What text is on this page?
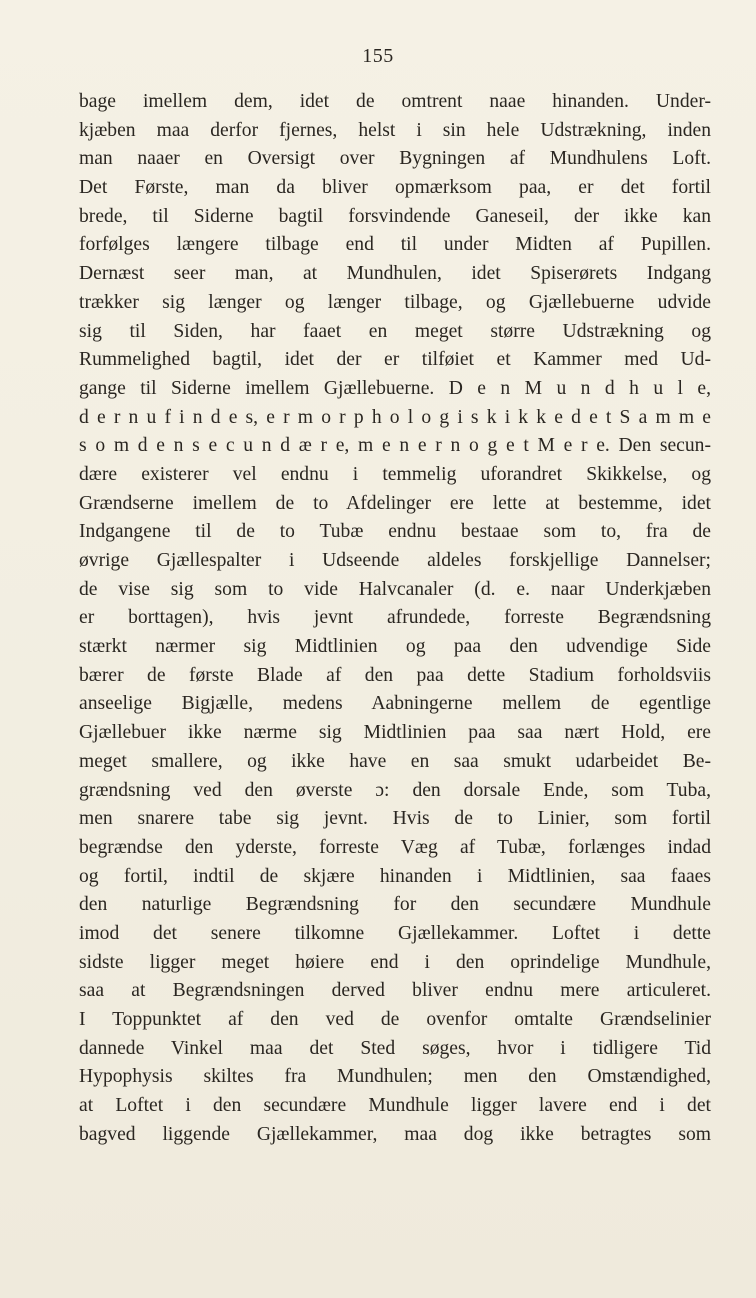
155
bage imellem dem, idet de omtrent naae hinanden. Under-
kjæben maa derfor fjernes, helst i sin hele Udstrækning, inden
man naaer en Oversigt over Bygningen af Mundhulens Loft.
Det Første, man da bliver opmærksom paa, er det fortil
brede, til Siderne bagtil forsvindende Ganeseil, der ikke kan
forfølges længere tilbage end til under Midten af Pupillen.
Dernæst seer man, at Mundhulen, idet Spiserørets Indgang
trækker sig længer og længer tilbage, og Gjællebuerne udvide
sig til Siden, har faaet en meget større Udstrækning og
Rummelighed bagtil, idet der er tilføiet et Kammer med Ud-
gange til Siderne imellem Gjællebuerne. D e n M u n d h u l e,
d e r n u f i n d e s, e r m o r p h o l o g i s k i k k e d e t S a m m e
s o m d e n s e c u n d æ r e, m e n e r n o g e t M e r e. Den secun-
dære existerer vel endnu i temmelig uforandret Skikkelse, og
Grændserne imellem de to Afdelinger ere lette at bestemme, idet
Indgangene til de to Tubæ endnu bestaae som to, fra de
øvrige Gjællespalter i Udseende aldeles forskjellige Dannelser;
de vise sig som to vide Halvcanaler (d. e. naar Underkjæben
er borttagen), hvis jevnt afrundede, forreste Begrændsning
stærkt nærmer sig Midtlinien og paa den udvendige Side
bærer de første Blade af den paa dette Stadium forholdsviis
anseelige Bigjælle, medens Aabningerne mellem de egentlige
Gjællebuer ikke nærme sig Midtlinien paa saa nært Hold, ere
meget smallere, og ikke have en saa smukt udarbeidet Be-
grændsning ved den øverste ɔ: den dorsale Ende, som Tuba,
men snarere tabe sig jevnt. Hvis de to Linier, som fortil
begrændse den yderste, forreste Væg af Tubæ, forlænges indad
og fortil, indtil de skjære hinanden i Midtlinien, saa faaes
den naturlige Begrændsning for den secundære Mundhule
imod det senere tilkomne Gjællekammer. Loftet i dette
sidste ligger meget høiere end i den oprindelige Mundhule,
saa at Begrændsningen derved bliver endnu mere articuleret.
I Toppunktet af den ved de ovenfor omtalte Grændselinier
dannede Vinkel maa det Sted søges, hvor i tidligere Tid
Hypophysis skiltes fra Mundhulen; men den Omstændighed,
at Loftet i den secundære Mundhule ligger lavere end i det
bagved liggende Gjællekammer, maa dog ikke betragtes som
